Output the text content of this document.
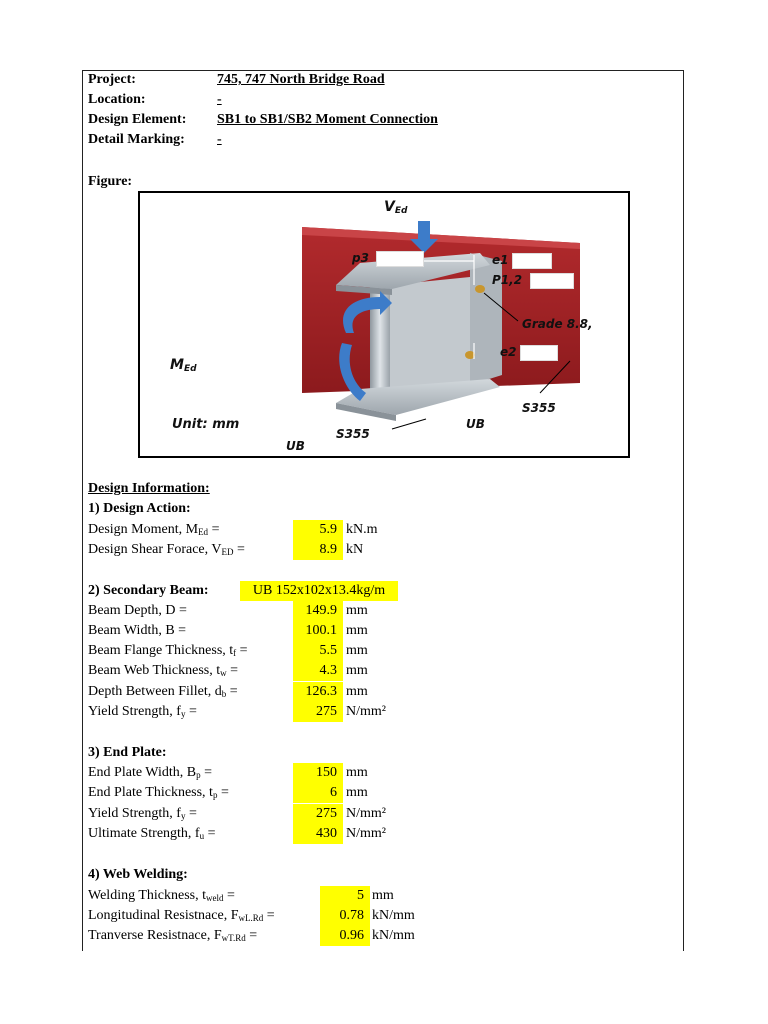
Project:	745, 747 North Bridge Road
Location:	-
Design Element: SB1 to SB1/SB2 Moment Connection
Detail Marking: -
Figure:
$V_{Ed}$
p3	e1
P1,2
Grade 8.8,
e2
$M_{Ed}$
S355
Unit: mm	UB
S355
UB
Design Information:
1) Design Action:
Design Moment, $M_{Ed}$ =	5.9 kN.m
Design Shear Forace, $V_{ED}$ =	8.9 kN
2) Secondary Beam:	UB 152x102x13.4kg/m
Beam Depth, D =	149.9 mm
Beam Width, B =	100.1 mm
Beam Flange Thickness, $t_f$ =	5.5 mm
Beam Web Thickness, $t_w$ =	4.3 mm
Depth Between Fillet, $d_b$ =	126.3 mm
Yield Strength, $f_y$ =	275 N/mm²
3) End Plate:
End Plate Width, $B_p$ =	150 mm
End Plate Thickness, $t_p$ =	6 mm
Yield Strength, $f_y$ =	275 N/mm²
Ultimate Strength, $f_u$ =	430 N/mm²
4) Web Welding:
Welding Thickness, $t_{weld}$ =	5 mm
Longitudinal Resistnace, $F_{wL.Rd}$ =	0.78 kN/mm
Tranverse Resistnace, $F_{wT.Rd}$ =	0.96 kN/mm
